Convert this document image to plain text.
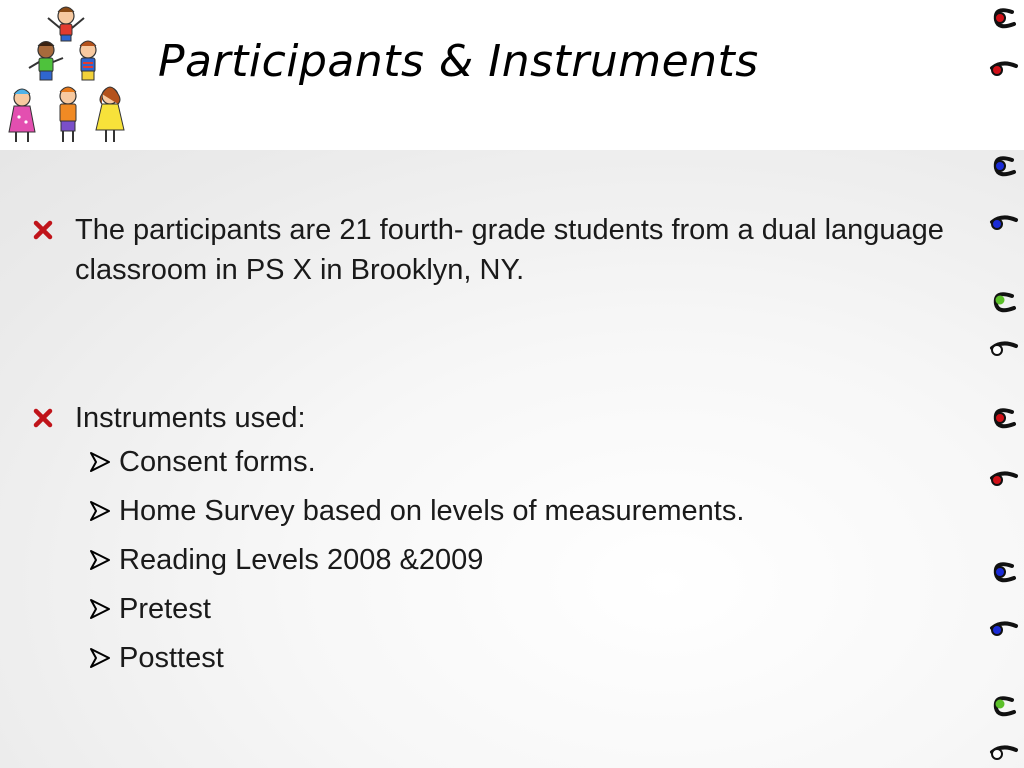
Participants & Instruments
The participants are 21 fourth- grade students from a dual language classroom in PS X in Brooklyn, NY.
Instruments used:
Consent forms.
Home Survey based on levels of measurements.
Reading Levels 2008 &2009
Pretest
Posttest
